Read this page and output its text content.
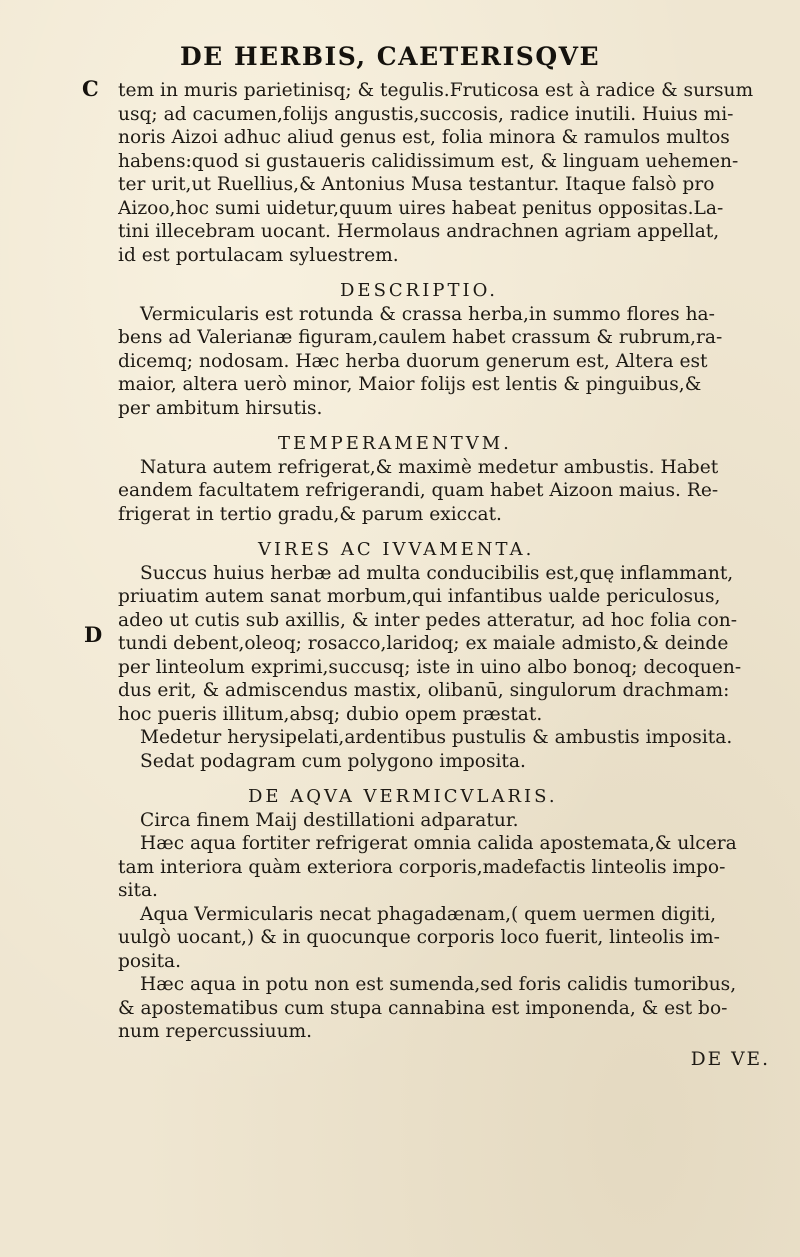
DE HERBIS, CAETERISQVE
C
D
tem in muris parietinisq; & tegulis.Fruticosa est à radice & sursum
usq; ad cacumen,folijs angustis,succosis, radice inutili. Huius mi-
noris Aizoi adhuc aliud genus est, folia minora & ramulos multos
habens:quod si gustaueris calidissimum est, & linguam uehemen-
ter urit,ut Ruellius,& Antonius Musa testantur. Itaque falsò pro
Aizoo,hoc sumi uidetur,quum uires habeat penitus oppositas.La-
tini illecebram uocant. Hermolaus andrachnen agriam appellat,
id est portulacam syluestrem.
DESCRIPTIO.
Vermicularis est rotunda & crassa herba,in summo flores ha-
bens ad Valerianæ figuram,caulem habet crassum & rubrum,ra-
dicemq; nodosam. Hæc herba duorum generum est, Altera est
maior, altera uerò minor, Maior folijs est lentis & pinguibus,&
per ambitum hirsutis.
TEMPERAMENTVM.
Natura autem refrigerat,& maximè medetur ambustis. Habet
eandem facultatem refrigerandi, quam habet Aizoon maius. Re-
frigerat in tertio gradu,& parum exiccat.
VIRES AC IVVAMENTA.
Succus huius herbæ ad multa conducibilis est,quę inflammant,
priuatim autem sanat morbum,qui infantibus ualde periculosus,
adeo ut cutis sub axillis, & inter pedes atteratur, ad hoc folia con-
tundi debent,oleoq; rosacco,laridoq; ex maiale admisto,& deinde
per linteolum exprimi,succusq; iste in uino albo bonoq; decoquen-
dus erit, & admiscendus mastix, olibanū, singulorum drachmam:
hoc pueris illitum,absq; dubio opem præstat.
Medetur herysipelati,ardentibus pustulis & ambustis imposita.
Sedat podagram cum polygono imposita.
DE AQVA VERMICVLARIS.
Circa finem Maij destillationi adparatur.
Hæc aqua fortiter refrigerat omnia calida apostemata,& ulcera
tam interiora quàm exteriora corporis,madefactis linteolis impo-
sita.
Aqua Vermicularis necat phagadænam,( quem uermen digiti,
uulgò uocant,) & in quocunque corporis loco fuerit, linteolis im-
posita.
Hæc aqua in potu non est sumenda,sed foris calidis tumoribus,
& apostematibus cum stupa cannabina est imponenda, & est bo-
num repercussiuum.
DE VE.
